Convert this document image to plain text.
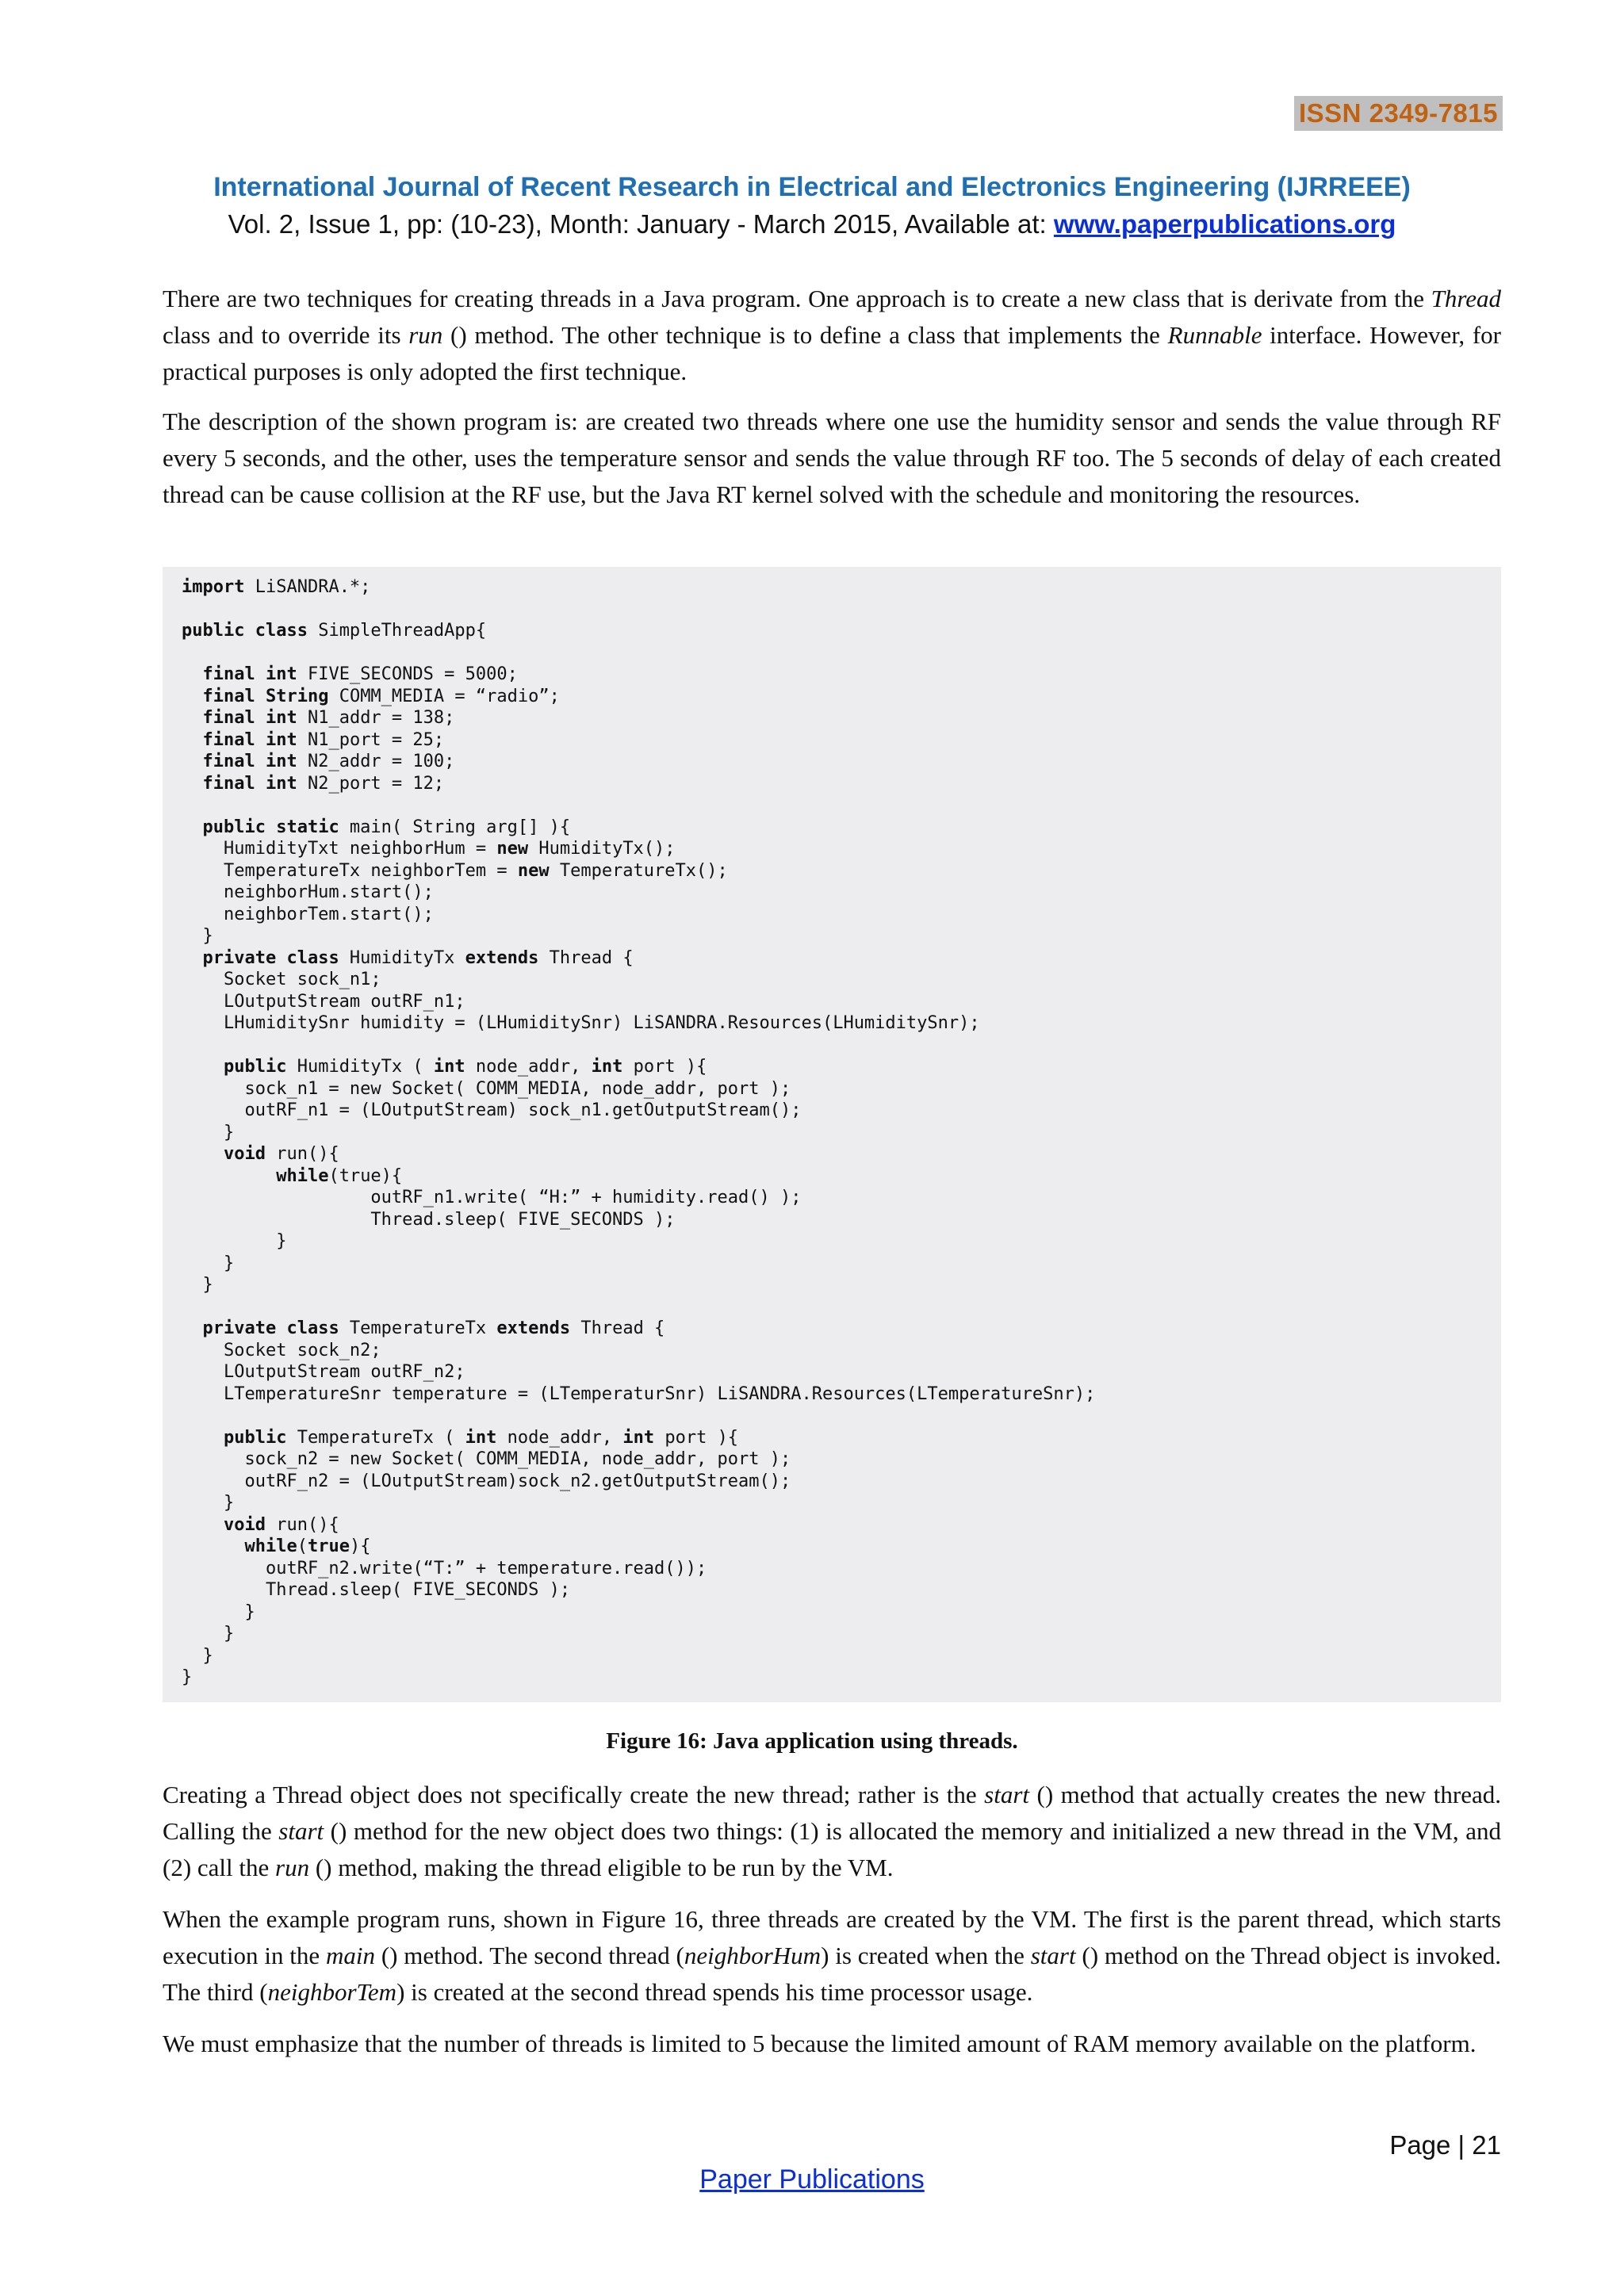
ISSN 2349-7815
International Journal of Recent Research in Electrical and Electronics Engineering (IJRREEE)
Vol. 2, Issue 1, pp: (10-23), Month: January - March 2015, Available at: www.paperpublications.org

There are two techniques for creating threads in a Java program. One approach is to create a new class that is derivate from the Thread class and to override its run () method. The other technique is to define a class that implements the Runnable interface. However, for practical purposes is only adopted the first technique.

The description of the shown program is: are created two threads where one use the humidity sensor and sends the value through RF every 5 seconds, and the other, uses the temperature sensor and sends the value through RF too. The 5 seconds of delay of each created thread can be cause collision at the RF use, but the Java RT kernel solved with the schedule and monitoring the resources.

import LiSANDRA.*;

public class SimpleThreadApp{

final int FIVE_SECONDS = 5000;
final String COMM_MEDIA = “radio”;
final int N1_addr = 138;
final int N1_port = 25;
final int N2_addr = 100;
final int N2_port = 12;

public static main( String arg[] ){
HumidityTxt neighborHum = new HumidityTx();
TemperatureTx neighborTem = new TemperatureTx();
neighborHum.start();
neighborTem.start();
}
private class HumidityTx extends Thread {
Socket sock_n1;
LOutputStream outRF_n1;
LHumiditySnr humidity = (LHumiditySnr) LiSANDRA.Resources(LHumiditySnr);

public HumidityTx ( int node_addr, int port ){
sock_n1 = new Socket( COMM_MEDIA, node_addr, port );
outRF_n1 = (LOutputStream) sock_n1.getOutputStream();
}
void run(){
while(true){
outRF_n1.write( “H:” + humidity.read() );
Thread.sleep( FIVE_SECONDS );
}
}
}

private class TemperatureTx extends Thread {
Socket sock_n2;
LOutputStream outRF_n2;
LTemperatureSnr temperature = (LTemperaturSnr) LiSANDRA.Resources(LTemperatureSnr);

public TemperatureTx ( int node_addr, int port ){
sock_n2 = new Socket( COMM_MEDIA, node_addr, port );
outRF_n2 = (LOutputStream)sock_n2.getOutputStream();
}
void run(){
while(true){
outRF_n2.write(“T:” + temperature.read());
Thread.sleep( FIVE_SECONDS );
}
}
}
}
Figure 16: Java application using threads.

Creating a Thread object does not specifically create the new thread; rather is the start () method that actually creates the new thread. Calling the start () method for the new object does two things: (1) is allocated the memory and initialized a new thread in the VM, and (2) call the run () method, making the thread eligible to be run by the VM.

When the example program runs, shown in Figure 16, three threads are created by the VM. The first is the parent thread, which starts execution in the main () method. The second thread (neighborHum) is created when the start () method on the Thread object is invoked. The third (neighborTem) is created at the second thread spends his time processor usage.

We must emphasize that the number of threads is limited to 5 because the limited amount of RAM memory available on the platform.

Page | 21
Paper Publications
